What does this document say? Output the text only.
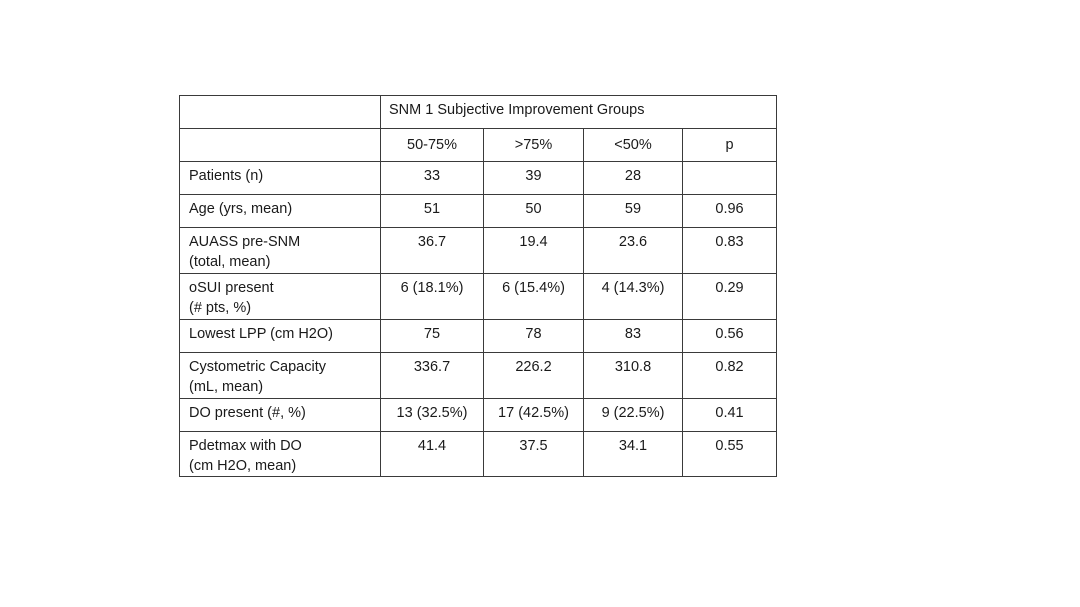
	SNM 1 Subjective Improvement Groups			
	50-75%	>75%	<50%	p

Patients (n)	33	39	28	

Age (yrs, mean)	51	50	59	0.96

AUASS pre-SNM
(total, mean)	36.7	19.4	23.6	0.83

oSUI present
(# pts, %)	6 (18.1%)	6 (15.4%)	4 (14.3%)	0.29

Lowest LPP (cm H2O)	75	78	83	0.56

Cystometric Capacity
(mL, mean)	336.7	226.2	310.8	0.82

DO present (#, %)	13 (32.5%)	17 (42.5%)	9 (22.5%)	0.41

Pdetmax with DO
(cm H2O, mean)	41.4	37.5	34.1	0.55
